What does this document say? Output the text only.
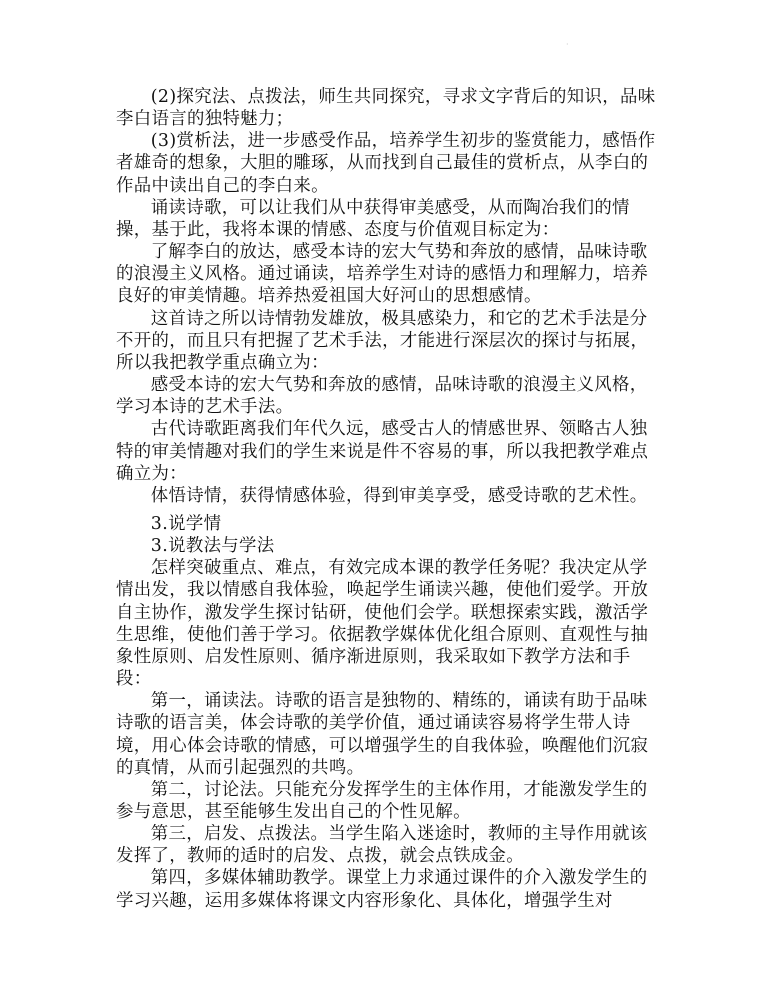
·

(2)探究法、点拨法，师生共同探究，寻求文字背后的知识，品味李白语言的独特魅力；

(3)赏析法，进一步感受作品，培养学生初步的鉴赏能力，感悟作者雄奇的想象，大胆的雕琢，从而找到自己最佳的赏析点，从李白的作品中读出自己的李白来。

诵读诗歌，可以让我们从中获得审美感受，从而陶冶我们的情操，基于此，我将本课的情感、态度与价值观目标定为：

了解李白的放达，感受本诗的宏大气势和奔放的感情，品味诗歌的浪漫主义风格。通过诵读，培养学生对诗的感悟力和理解力，培养良好的审美情趣。培养热爱祖国大好河山的思想感情。

这首诗之所以诗情勃发雄放，极具感染力，和它的艺术手法是分不开的，而且只有把握了艺术手法，才能进行深层次的探讨与拓展，所以我把教学重点确立为：

感受本诗的宏大气势和奔放的感情，品味诗歌的浪漫主义风格，学习本诗的艺术手法。

古代诗歌距离我们年代久远，感受古人的情感世界、领略古人独特的审美情趣对我们的学生来说是件不容易的事，所以我把教学难点确立为：

体悟诗情，获得情感体验，得到审美享受，感受诗歌的艺术性。

3.说学情

3.说教法与学法

怎样突破重点、难点，有效完成本课的教学任务呢？我决定从学情出发，我以情感自我体验，唤起学生诵读兴趣，使他们爱学。开放自主协作，激发学生探讨钻研，使他们会学。联想探索实践，激活学生思维，使他们善于学习。依据教学媒体优化组合原则、直观性与抽象性原则、启发性原则、循序渐进原则，我采取如下教学方法和手段：

第一，诵读法。诗歌的语言是独物的、精练的，诵读有助于品味诗歌的语言美，体会诗歌的美学价值，通过诵读容易将学生带人诗境，用心体会诗歌的情感，可以增强学生的自我体验，唤醒他们沉寂的真情，从而引起强烈的共鸣。

第二，讨论法。只能充分发挥学生的主体作用，才能激发学生的参与意思，甚至能够生发出自己的个性见解。

第三，启发、点拨法。当学生陷入迷途时，教师的主导作用就该发挥了，教师的适时的启发、点拨，就会点铁成金。

第四，多媒体辅助教学。课堂上力求通过课件的介入激发学生的学习兴趣，运用多媒体将课文内容形象化、具体化，增强学生对
